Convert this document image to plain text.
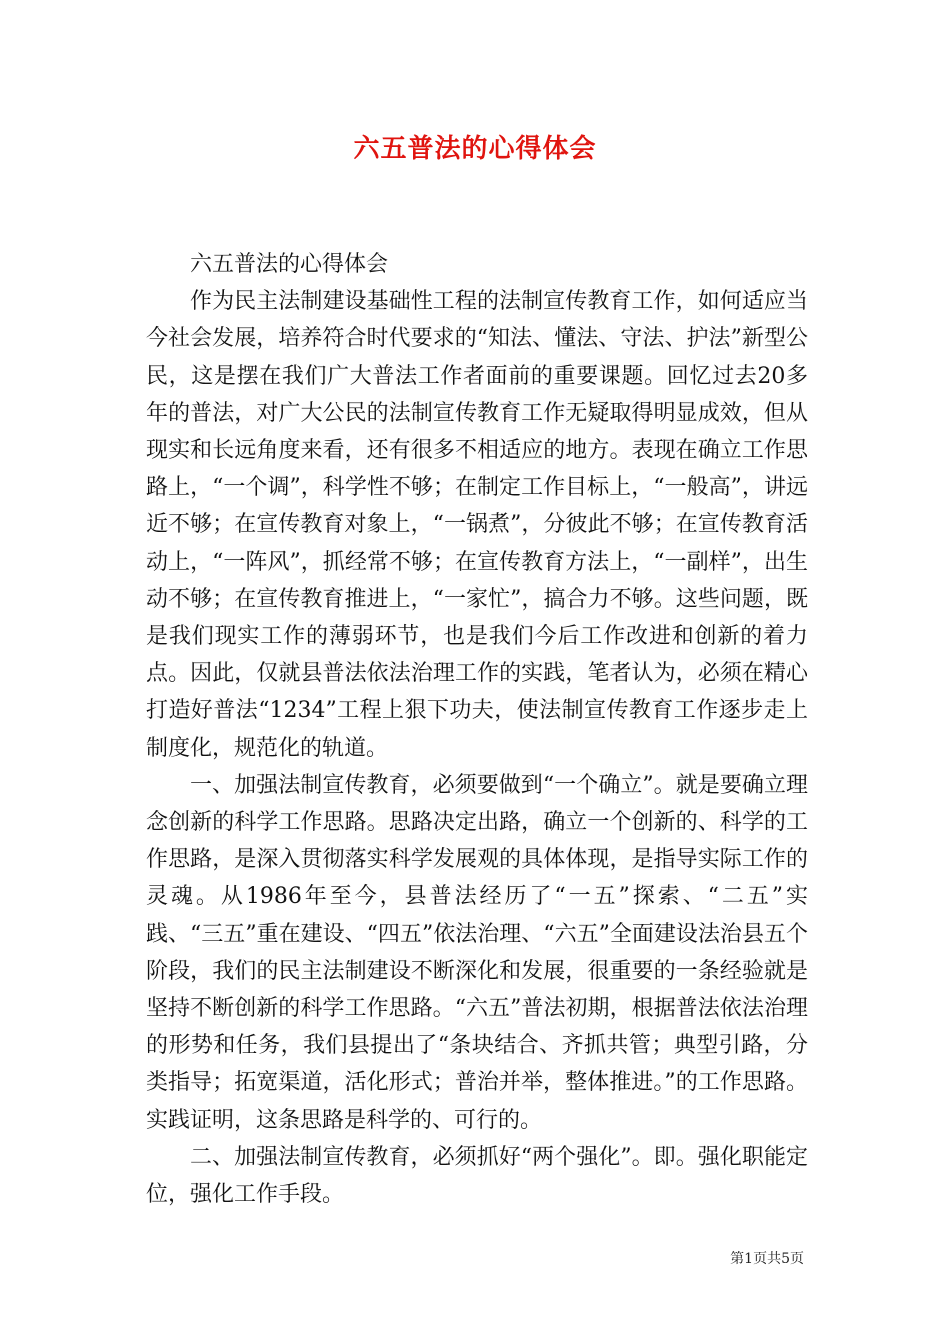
六五普法的心得体会

六五普法的心得体会

作为民主法制建设基础性工程的法制宣传教育工作，如何适应当今社会发展，培养符合时代要求的“知法、懂法、守法、护法”新型公民，这是摆在我们广大普法工作者面前的重要课题。回忆过去20多年的普法，对广大公民的法制宣传教育工作无疑取得明显成效，但从现实和长远角度来看，还有很多不相适应的地方。表现在确立工作思路上，“一个调”，科学性不够；在制定工作目标上，“一般高”，讲远近不够；在宣传教育对象上，“一锅煮”，分彼此不够；在宣传教育活动上，“一阵风”，抓经常不够；在宣传教育方法上，“一副样”，出生动不够；在宣传教育推进上，“一家忙”，搞合力不够。这些问题，既是我们现实工作的薄弱环节，也是我们今后工作改进和创新的着力点。因此，仅就县普法依法治理工作的实践，笔者认为，必须在精心打造好普法“1234”工程上狠下功夫，使法制宣传教育工作逐步走上制度化，规范化的轨道。

一、加强法制宣传教育，必须要做到“一个确立”。就是要确立理念创新的科学工作思路。思路决定出路，确立一个创新的、科学的工作思路，是深入贯彻落实科学发展观的具体体现，是指导实际工作的灵魂。从1986年至今，县普法经历了“一五”探索、“二五”实践、“三五”重在建设、“四五”依法治理、“六五”全面建设法治县五个阶段，我们的民主法制建设不断深化和发展，很重要的一条经验就是坚持不断创新的科学工作思路。“六五”普法初期，根据普法依法治理的形势和任务，我们县提出了“条块结合、齐抓共管；典型引路，分类指导；拓宽渠道，活化形式；普治并举，整体推进。”的工作思路。实践证明，这条思路是科学的、可行的。

二、加强法制宣传教育，必须抓好“两个强化”。即。强化职能定位，强化工作手段。

第1页共5页
